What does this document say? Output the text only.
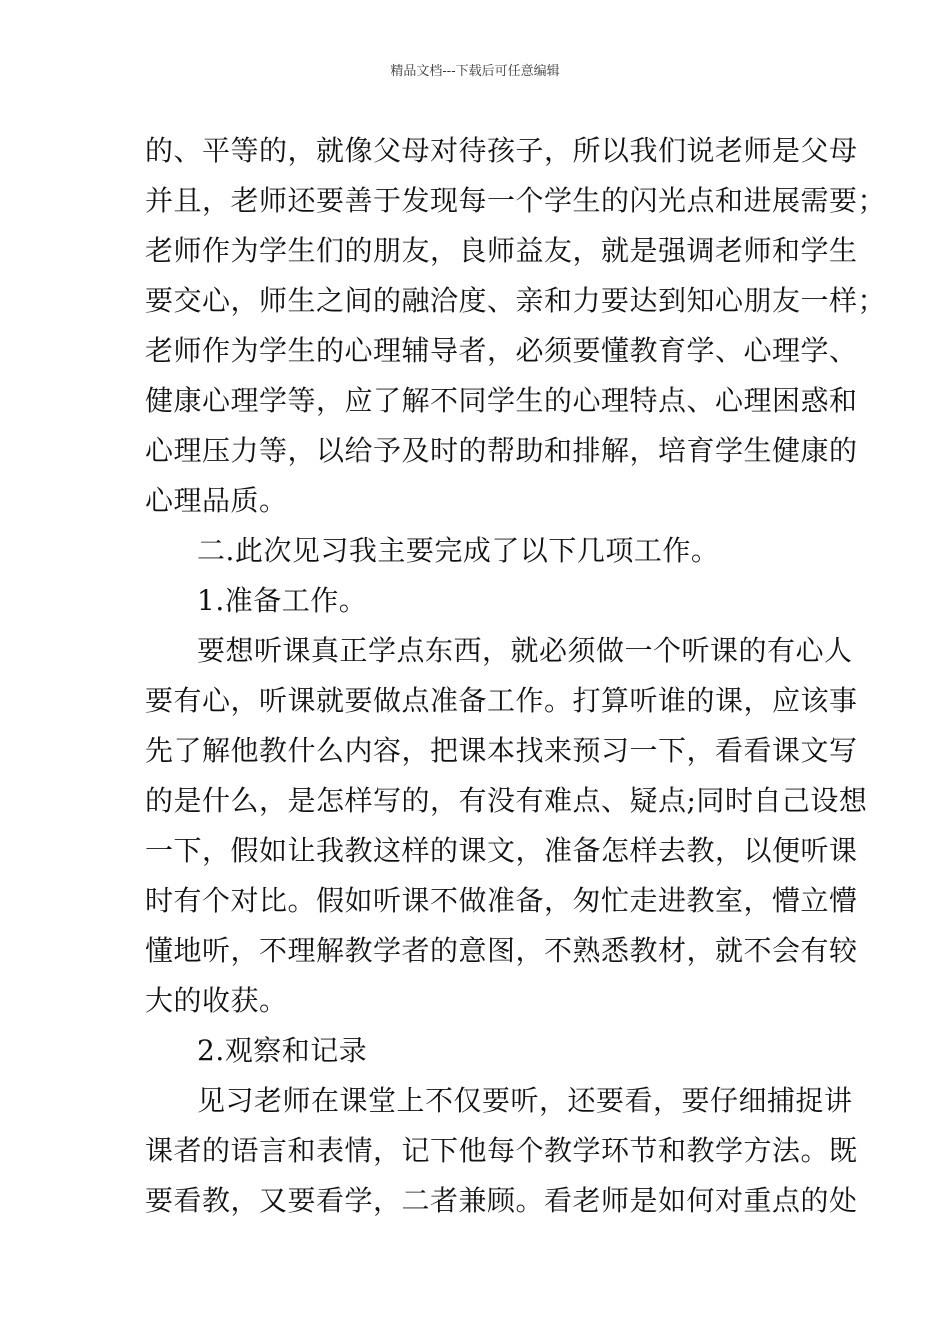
精品文档---下载后可任意编辑
的、平等的，就像父母对待孩子，所以我们说老师是父母
并且，老师还要善于发现每一个学生的闪光点和进展需要；
老师作为学生们的朋友，良师益友，就是强调老师和学生
要交心，师生之间的融洽度、亲和力要达到知心朋友一样；
老师作为学生的心理辅导者，必须要懂教育学、心理学、
健康心理学等，应了解不同学生的心理特点、心理困惑和
心理压力等，以给予及时的帮助和排解，培育学生健康的
心理品质。
二.此次见习我主要完成了以下几项工作。
1.准备工作。
要想听课真正学点东西，就必须做一个听课的有心人
要有心，听课就要做点准备工作。打算听谁的课，应该事
先了解他教什么内容，把课本找来预习一下，看看课文写
的是什么，是怎样写的，有没有难点、疑点;同时自己设想
一下，假如让我教这样的课文，准备怎样去教，以便听课
时有个对比。假如听课不做准备，匆忙走进教室，懵立懵
懂地听，不理解教学者的意图，不熟悉教材，就不会有较
大的收获。
2.观察和记录
见习老师在课堂上不仅要听，还要看，要仔细捕捉讲
课者的语言和表情，记下他每个教学环节和教学方法。既
要看教，又要看学，二者兼顾。看老师是如何对重点的处
